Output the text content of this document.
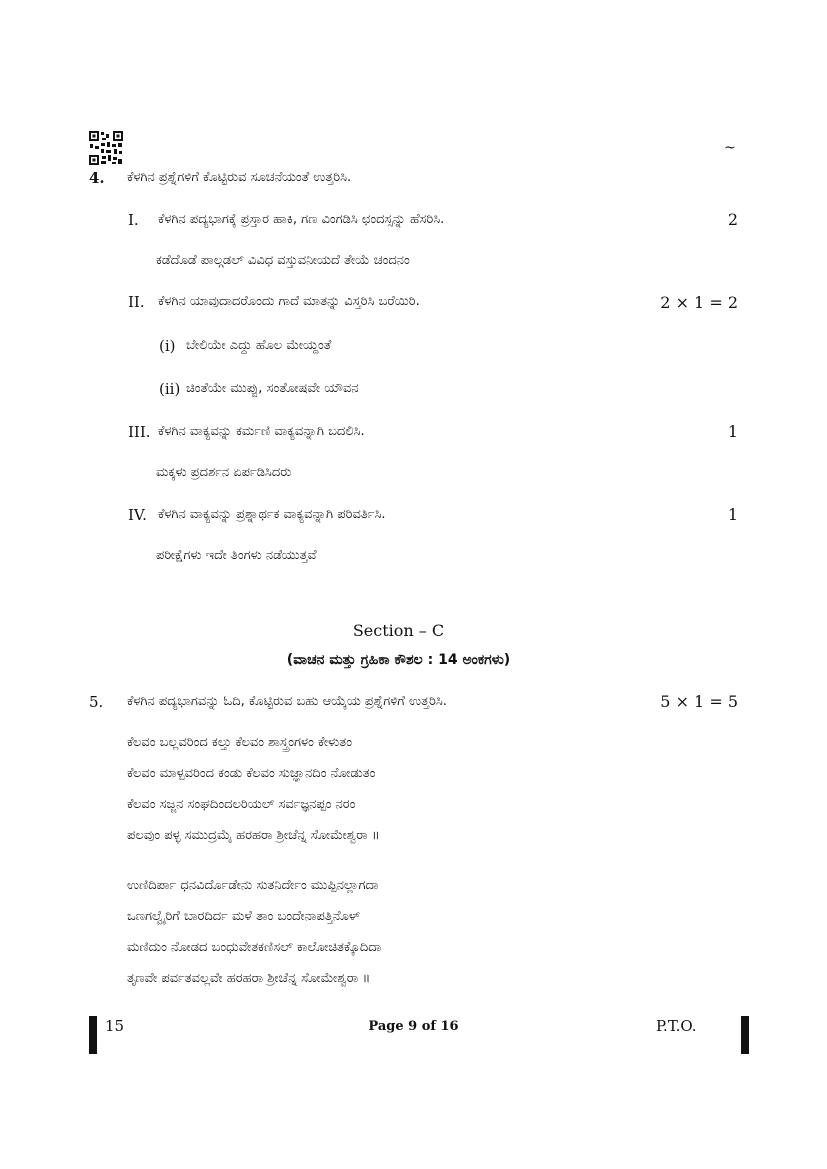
~
4. ಕೆಳಗಿನ ಪ್ರಶ್ನೆಗಳಿಗೆ ಕೊಟ್ಟಿರುವ ಸೂಚನೆಯಂತೆ ಉತ್ತರಿಸಿ.
I. ಕೆಳಗಿನ ಪದ್ಯಭಾಗಕ್ಕೆ ಪ್ರಸ್ತಾರ ಹಾಕಿ, ಗಣ ವಿಂಗಡಿಸಿ ಛಂದಸ್ಸನ್ನು ಹೆಸರಿಸಿ.	2
ಕಡೆದೊಡೆ ಪಾಲ್ಗಡಲ್ ವಿವಿಧ ವಸ್ತುವನೀಯದೆ ತೇಯೆ ಚಂದನಂ
II. ಕೆಳಗಿನ ಯಾವುದಾದರೊಂದು ಗಾದೆ ಮಾತನ್ನು ವಿಸ್ತರಿಸಿ ಬರೆಯಿರಿ.	2 × 1 = 2
(i) ಬೇಲಿಯೇ ಎದ್ದು ಹೊಲ ಮೇಯ್ದಂತೆ
(ii) ಚಿಂತೆಯೇ ಮುಪ್ಪು, ಸಂತೋಷವೇ ಯೌವನ
III. ಕೆಳಗಿನ ವಾಕ್ಯವನ್ನು ಕರ್ಮಣಿ ವಾಕ್ಯವನ್ನಾಗಿ ಬದಲಿಸಿ.	1
ಮಕ್ಕಳು ಪ್ರದರ್ಶನ ಏರ್ಪಡಿಸಿದರು
IV. ಕೆಳಗಿನ ವಾಕ್ಯವನ್ನು ಪ್ರಶ್ನಾರ್ಥಕ ವಾಕ್ಯವನ್ನಾಗಿ ಪರಿವರ್ತಿಸಿ.	1
ಪರೀಕ್ಷೆಗಳು ಇದೇ ತಿಂಗಳು ನಡೆಯುತ್ತವೆ
Section – C
(ವಾಚನ ಮತ್ತು ಗ್ರಹಿಕಾ ಕೌಶಲ : 14 ಅಂಕಗಳು)
5. ಕೆಳಗಿನ ಪದ್ಯಭಾಗವನ್ನು ಓದಿ, ಕೊಟ್ಟಿರುವ ಬಹು ಆಯ್ಕೆಯ ಪ್ರಶ್ನೆಗಳಿಗೆ ಉತ್ತರಿಸಿ.	5 × 1 = 5
ಕೆಲವಂ ಬಲ್ಲವರಿಂದ ಕಲ್ತು ಕೆಲವಂ ಶಾಸ್ತ್ರಂಗಳಂ ಕೇಳುತಂ
ಕೆಲವಂ ಮಾಳ್ಪವರಿಂದ ಕಂಡು ಕೆಲವಂ ಸುಜ್ಞಾನದಿಂ ನೋಡುತಂ
ಕೆಲವಂ ಸಜ್ಜನ ಸಂಘದಿಂದಲರಿಯಲ್ ಸರ್ವಜ್ಞನಪ್ಪಂ ನರಂ
ಪಲವುಂ ಪಳ್ಳ ಸಮುದ್ರಮೈ ಹರಹರಾ ಶ್ರೀಚೆನ್ನ ಸೋಮೇಶ್ವರಾ ॥
ಉಣಿದಿರ್ಪಾ ಧನವಿರ್ದೊಡೇನು ಸುತನಿರ್ದೇಂ ಮುಪ್ಪಿನಲ್ಲಾಗದಾ
ಒಣಗಲ್ವೈರಿಗೆ ಬಾರದಿರ್ದ ಮಳೆ ತಾಂ ಬಂದೇನಾಪತ್ತಿನೊಳ್
ಮಣಿದುಂ ನೋಡದ ಬಂಧುವೇತಕಣಿಸಲ್ ಕಾಲೋಚಿತಕ್ಕೊದಿದಾ
ತೃಣವೇ ಪರ್ವತವಲ್ಲವೇ ಹರಹರಾ ಶ್ರೀಚೆನ್ನ ಸೋಮೇಶ್ವರಾ ॥
15	Page 9 of 16	P.T.O.
